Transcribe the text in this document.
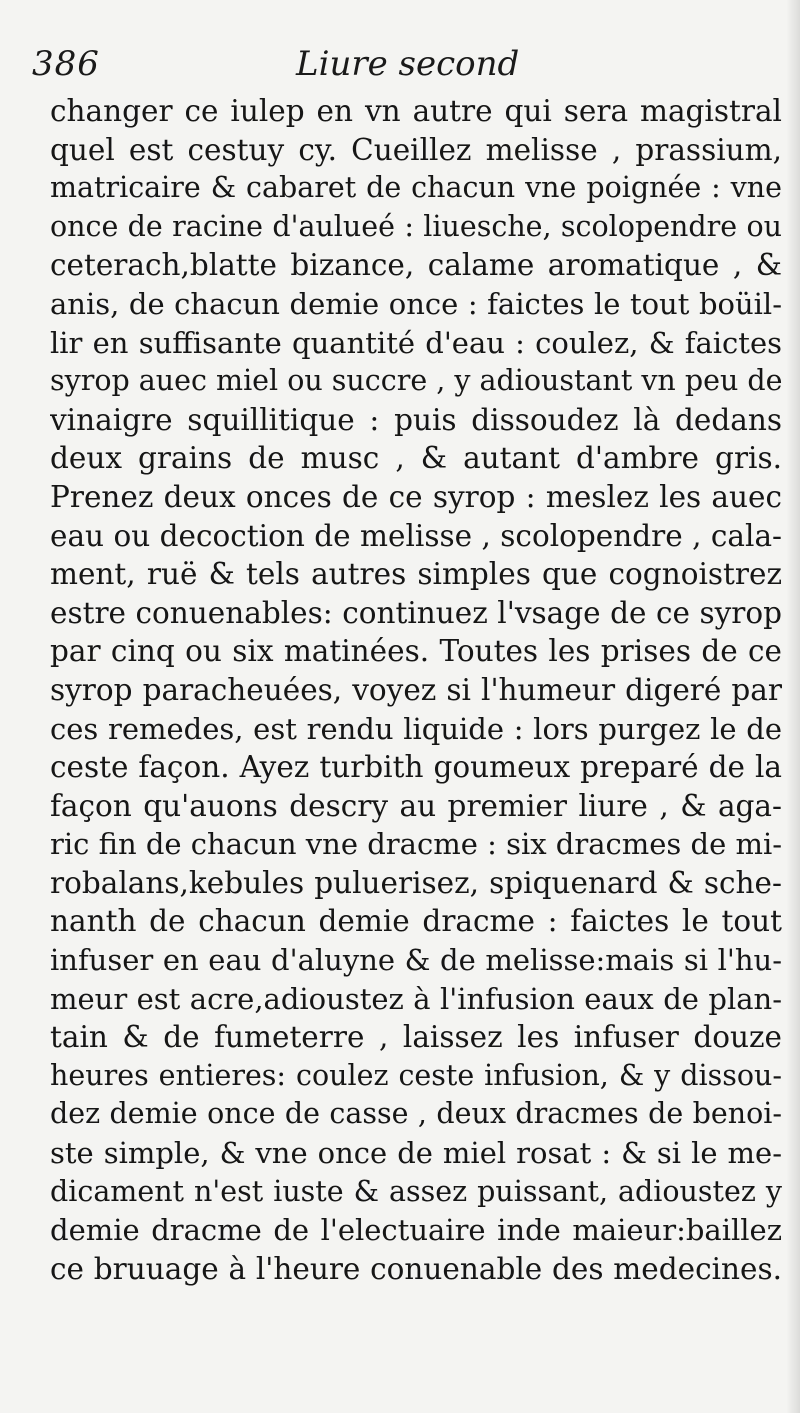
386	Liure second
changer ce iulep en vn autre qui sera magistral
quel est cestuy cy. Cueillez melisse , prassium,
matricaire & cabaret de chacun vne poignée : vne
once de racine d'aulueé : liuesche, scolopendre ou
ceterach,blatte bizance, calame aromatique , &
anis, de chacun demie once : faictes le tout boüil-
lir en suffisante quantité d'eau : coulez, & faictes
syrop auec miel ou succre , y adioustant vn peu de
vinaigre squillitique : puis dissoudez là dedans
deux grains de musc , & autant d'ambre gris.
Prenez deux onces de ce syrop : meslez les auec
eau ou decoction de melisse , scolopendre , cala-
ment, ruë & tels autres simples que cognoistrez
estre conuenables: continuez l'vsage de ce syrop
par cinq ou six matinées. Toutes les prises de ce
syrop paracheuées, voyez si l'humeur digeré par
ces remedes, est rendu liquide : lors purgez le de
ceste façon. Ayez turbith goumeux preparé de la
façon qu'auons descry au premier liure , & aga-
ric fin de chacun vne dracme : six dracmes de mi-
robalans,kebules puluerisez, spiquenard & sche-
nanth de chacun demie dracme : faictes le tout
infuser en eau d'aluyne & de melisse:mais si l'hu-
meur est acre,adioustez à l'infusion eaux de plan-
tain & de fumeterre , laissez les infuser douze
heures entieres: coulez ceste infusion, & y dissou-
dez demie once de casse , deux dracmes de benoi-
ste simple, & vne once de miel rosat : & si le me-
dicament n'est iuste & assez puissant, adioustez y
demie dracme de l'electuaire inde maieur:baillez
ce bruuage à l'heure conuenable des medecines.
